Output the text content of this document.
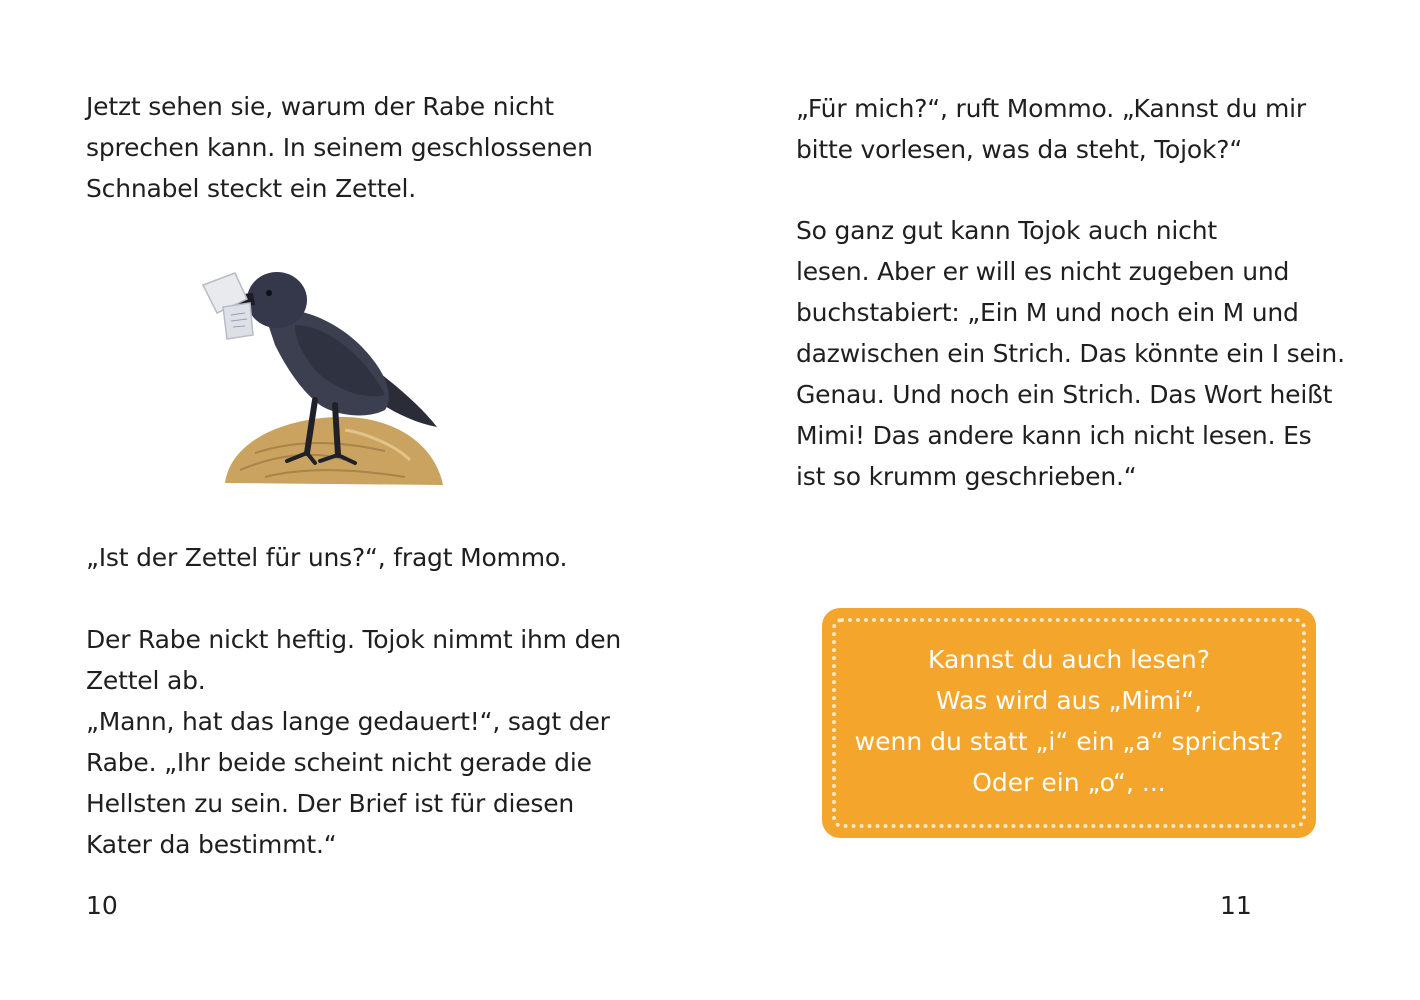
Jetzt sehen sie, warum der Rabe nicht
sprechen kann. In seinem geschlossenen
Schnabel steckt ein Zettel.

„Ist der Zettel für uns?“, fragt Mommo.

Der Rabe nickt heftig. Tojok nimmt ihm den
Zettel ab.
„Mann, hat das lange gedauert!“, sagt der
Rabe. „Ihr beide scheint nicht gerade die
Hellsten zu sein. Der Brief ist für diesen
Kater da bestimmt.“

10

„Für mich?“, ruft Mommo. „Kannst du mir
bitte vorlesen, was da steht, Tojok?“

So ganz gut kann Tojok auch nicht
lesen. Aber er will es nicht zugeben und
buchstabiert: „Ein M und noch ein M und
dazwischen ein Strich. Das könnte ein I sein.
Genau. Und noch ein Strich. Das Wort heißt
Mimi! Das andere kann ich nicht lesen. Es
ist so krumm geschrieben.“

Kannst du auch lesen?
Was wird aus „Mimi“,
wenn du statt „i“ ein „a“ sprichst?
Oder ein „o“, ...

11
